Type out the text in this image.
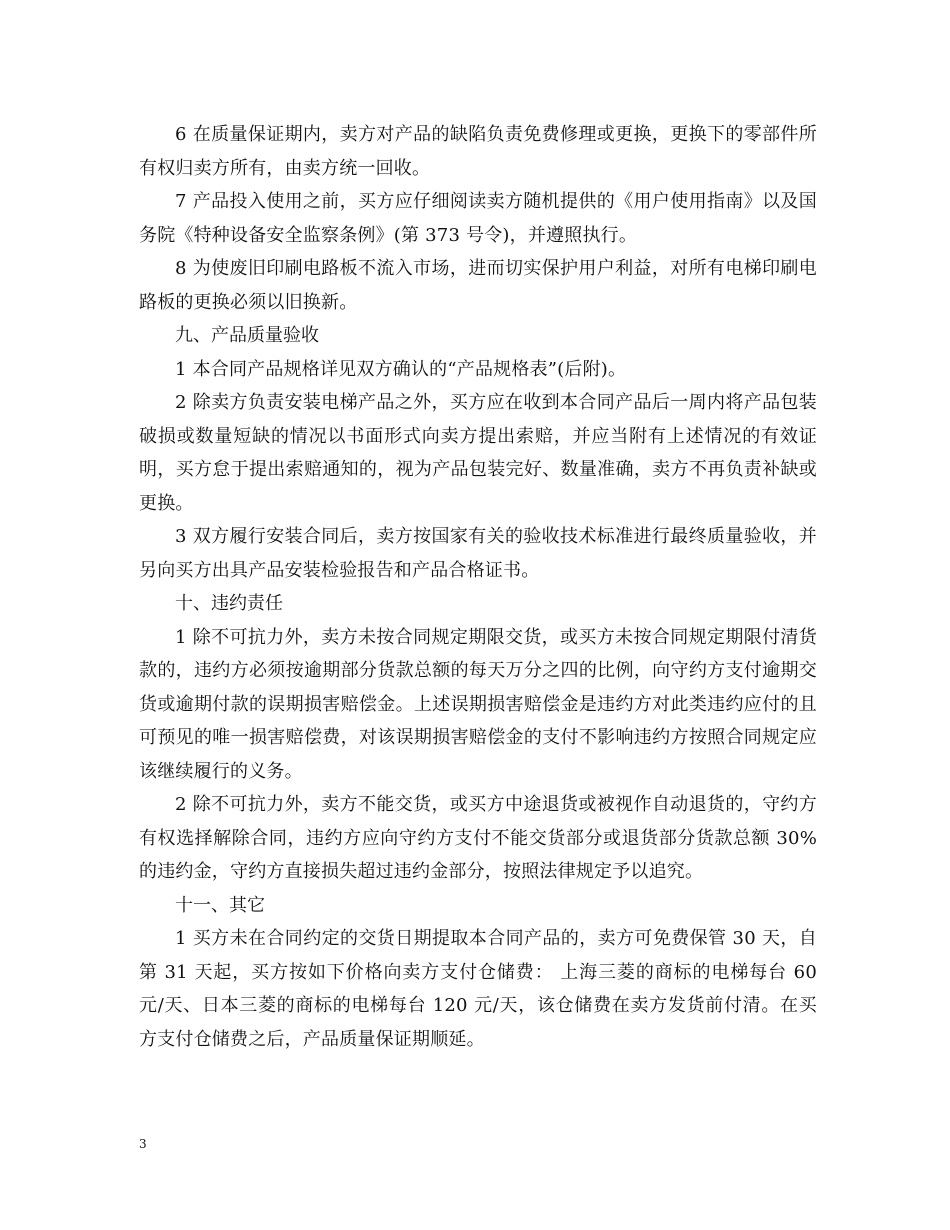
6 在质量保证期内，卖方对产品的缺陷负责免费修理或更换，更换下的零部件所有权归卖方所有，由卖方统一回收。

7 产品投入使用之前，买方应仔细阅读卖方随机提供的《用户使用指南》以及国务院《特种设备安全监察条例》(第 373 号令)，并遵照执行。

8 为使废旧印刷电路板不流入市场，进而切实保护用户利益，对所有电梯印刷电路板的更换必须以旧换新。

九、产品质量验收

1 本合同产品规格详见双方确认的“产品规格表”(后附)。

2 除卖方负责安装电梯产品之外，买方应在收到本合同产品后一周内将产品包装破损或数量短缺的情况以书面形式向卖方提出索赔，并应当附有上述情况的有效证明，买方怠于提出索赔通知的，视为产品包装完好、数量准确，卖方不再负责补缺或更换。

3 双方履行安装合同后，卖方按国家有关的验收技术标准进行最终质量验收，并另向买方出具产品安装检验报告和产品合格证书。

十、违约责任

1 除不可抗力外，卖方未按合同规定期限交货，或买方未按合同规定期限付清货款的，违约方必须按逾期部分货款总额的每天万分之四的比例，向守约方支付逾期交货或逾期付款的误期损害赔偿金。上述误期损害赔偿金是违约方对此类违约应付的且可预见的唯一损害赔偿费，对该误期损害赔偿金的支付不影响违约方按照合同规定应该继续履行的义务。

2 除不可抗力外，卖方不能交货，或买方中途退货或被视作自动退货的，守约方有权选择解除合同，违约方应向守约方支付不能交货部分或退货部分货款总额 30%的违约金，守约方直接损失超过违约金部分，按照法律规定予以追究。

十一、其它

1 买方未在合同约定的交货日期提取本合同产品的，卖方可免费保管 30 天，自第 31 天起，买方按如下价格向卖方支付仓储费： 上海三菱的商标的电梯每台 60 元/天、日本三菱的商标的电梯每台 120 元/天，该仓储费在卖方发货前付清。在买方支付仓储费之后，产品质量保证期顺延。

3
